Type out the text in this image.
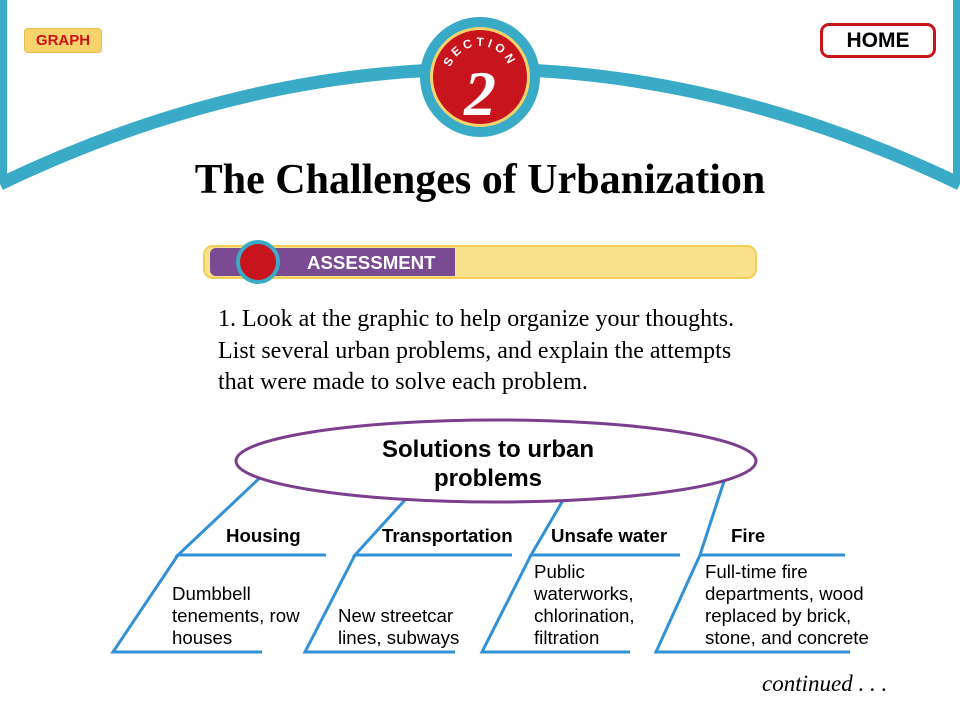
SECTION
2
GRAPH	HOME
The Challenges of Urbanization
ASSESSMENT
1. Look at the graphic to help organize your thoughts.
List several urban problems, and explain the attempts
that were made to solve each problem.
Solutions to urban
problems
Housing
Dumbbell
tenements, row
houses
Transportation
New streetcar
lines, subways
Unsafe water
Public
waterworks,
chlorination,
filtration
Fire
Full-time fire
departments, wood
replaced by brick,
stone, and concrete
continued . . .
